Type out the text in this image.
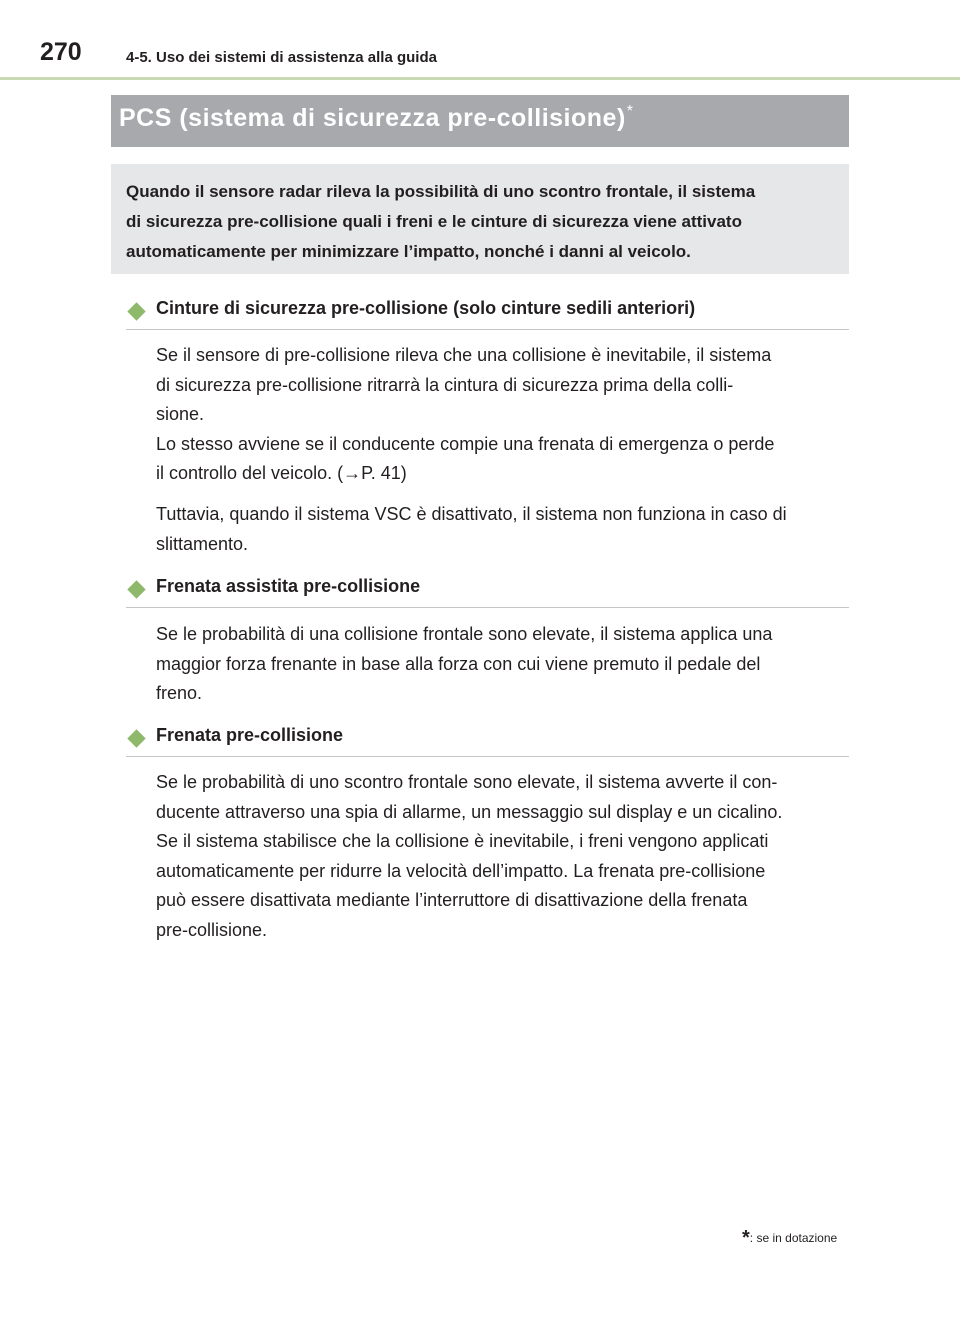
270	4-5. Uso dei sistemi di assistenza alla guida
PCS (sistema di sicurezza pre-collisione)*
Quando il sensore radar rileva la possibilità di uno scontro frontale, il sistema
di sicurezza pre-collisione quali i freni e le cinture di sicurezza viene attivato
automaticamente per minimizzare l’impatto, nonché i danni al veicolo.
Cinture di sicurezza pre-collisione (solo cinture sedili anteriori)
Se il sensore di pre-collisione rileva che una collisione è inevitabile, il sistema
di sicurezza pre-collisione ritrarrà la cintura di sicurezza prima della colli-
sione.
Lo stesso avviene se il conducente compie una frenata di emergenza o perde
il controllo del veicolo. (→P. 41)
Tuttavia, quando il sistema VSC è disattivato, il sistema non funziona in caso di
slittamento.
Frenata assistita pre-collisione
Se le probabilità di una collisione frontale sono elevate, il sistema applica una
maggior forza frenante in base alla forza con cui viene premuto il pedale del
freno.
Frenata pre-collisione
Se le probabilità di uno scontro frontale sono elevate, il sistema avverte il con-
ducente attraverso una spia di allarme, un messaggio sul display e un cicalino.
Se il sistema stabilisce che la collisione è inevitabile, i freni vengono applicati
automaticamente per ridurre la velocità dell’impatto. La frenata pre-collisione
può essere disattivata mediante l’interruttore di disattivazione della frenata
pre-collisione.
*: se in dotazione
